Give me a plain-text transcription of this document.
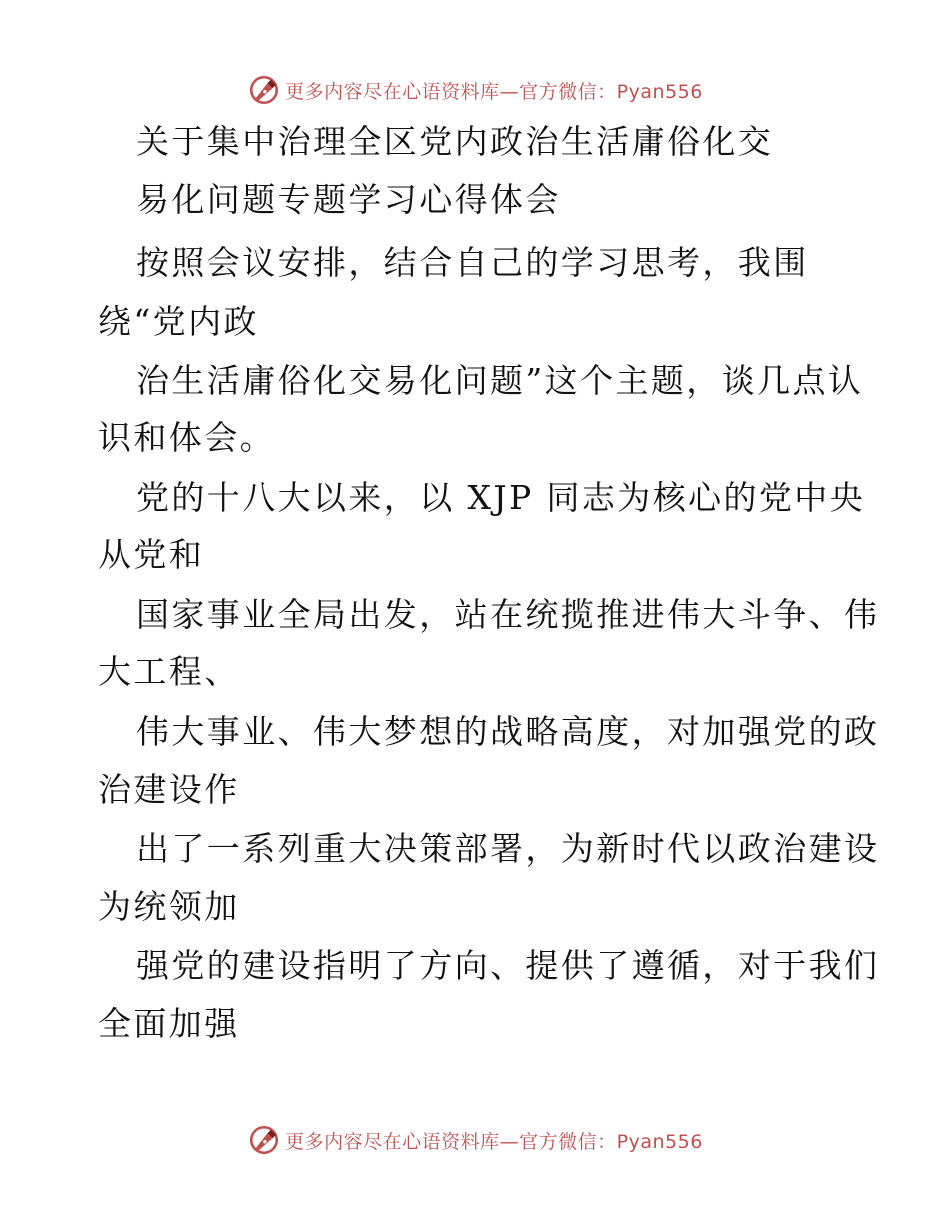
更多内容尽在心语资料库—官方微信：Pyan556
关于集中治理全区党内政治生活庸俗化交
易化问题专题学习心得体会
按照会议安排，结合自己的学习思考，我围
绕“党内政
治生活庸俗化交易化问题”这个主题，谈几点认
识和体会。
党的十八大以来，以 XJP 同志为核心的党中央
从党和
国家事业全局出发，站在统揽推进伟大斗争、伟
大工程、
伟大事业、伟大梦想的战略高度，对加强党的政
治建设作
出了一系列重大决策部署，为新时代以政治建设
为统领加
强党的建设指明了方向、提供了遵循，对于我们
全面加强
更多内容尽在心语资料库—官方微信：Pyan556
